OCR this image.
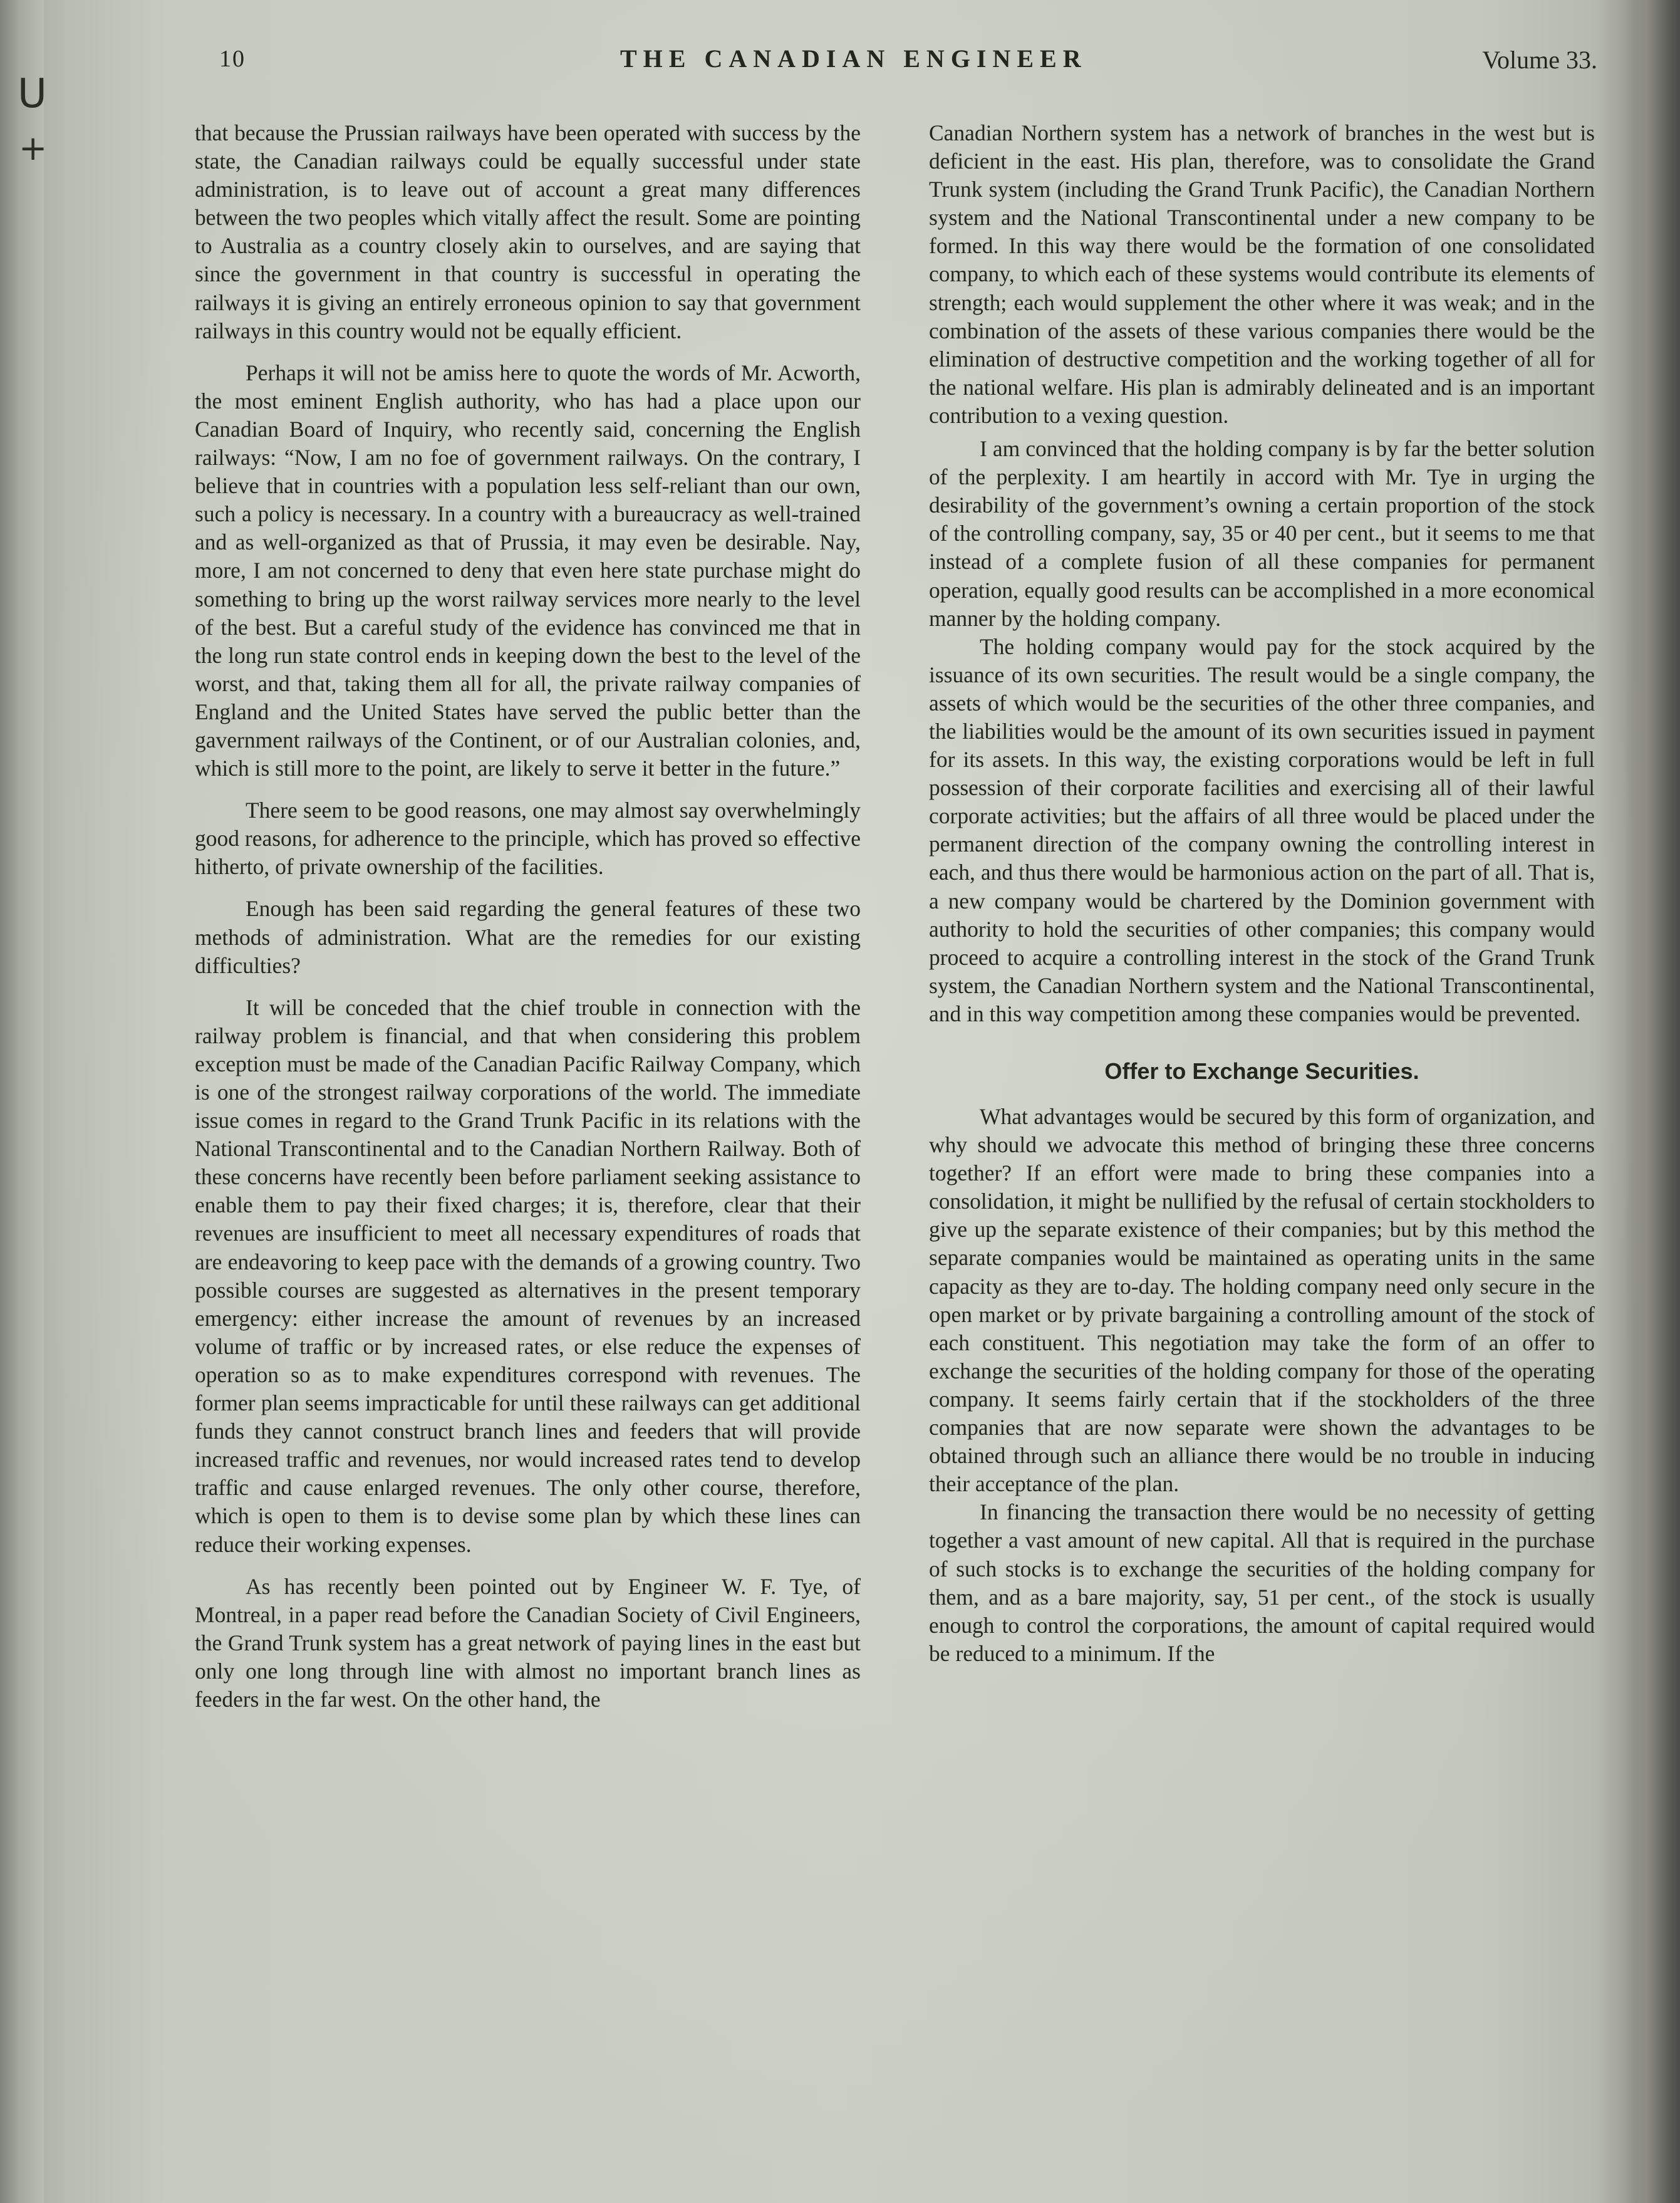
U
+
10	THE CANADIAN ENGINEER	Volume 33.

that because the Prussian railways have been operated with success by the state, the Canadian railways could be equally successful under state administration, is to leave out of account a great many differences between the two peoples which vitally affect the result. Some are pointing to Australia as a country closely akin to ourselves, and are saying that since the government in that country is successful in operating the railways it is giving an entirely erroneous opinion to say that government railways in this country would not be equally efficient.

Perhaps it will not be amiss here to quote the words of Mr. Acworth, the most eminent English authority, who has had a place upon our Canadian Board of Inquiry, who recently said, concerning the English railways: “Now, I am no foe of government railways. On the contrary, I believe that in countries with a population less self-reliant than our own, such a policy is necessary. In a country with a bureaucracy as well-trained and as well-organized as that of Prussia, it may even be desirable. Nay, more, I am not concerned to deny that even here state purchase might do something to bring up the worst railway services more nearly to the level of the best. But a careful study of the evidence has convinced me that in the long run state control ends in keeping down the best to the level of the worst, and that, taking them all for all, the private railway companies of England and the United States have served the public better than the gavernment railways of the Continent, or of our Australian colonies, and, which is still more to the point, are likely to serve it better in the future.”

There seem to be good reasons, one may almost say overwhelmingly good reasons, for adherence to the principle, which has proved so effective hitherto, of private ownership of the facilities.

Enough has been said regarding the general features of these two methods of administration. What are the remedies for our existing difficulties?

It will be conceded that the chief trouble in connection with the railway problem is financial, and that when considering this problem exception must be made of the Canadian Pacific Railway Company, which is one of the strongest railway corporations of the world. The immediate issue comes in regard to the Grand Trunk Pacific in its relations with the National Transcontinental and to the Canadian Northern Railway. Both of these concerns have recently been before parliament seeking assistance to enable them to pay their fixed charges; it is, therefore, clear that their revenues are insufficient to meet all necessary expenditures of roads that are endeavoring to keep pace with the demands of a growing country. Two possible courses are suggested as alternatives in the present temporary emergency: either increase the amount of revenues by an increased volume of traffic or by increased rates, or else reduce the expenses of operation so as to make expenditures correspond with revenues. The former plan seems impracticable for until these railways can get additional funds they cannot construct branch lines and feeders that will provide increased traffic and revenues, nor would increased rates tend to develop traffic and cause enlarged revenues. The only other course, therefore, which is open to them is to devise some plan by which these lines can reduce their working expenses.

As has recently been pointed out by Engineer W. F. Tye, of Montreal, in a paper read before the Canadian Society of Civil Engineers, the Grand Trunk system has a great network of paying lines in the east but only one long through line with almost no important branch lines as feeders in the far west. On the other hand, the

Canadian Northern system has a network of branches in the west but is deficient in the east. His plan, therefore, was to consolidate the Grand Trunk system (including the Grand Trunk Pacific), the Canadian Northern system and the National Transcontinental under a new company to be formed. In this way there would be the formation of one consolidated company, to which each of these systems would contribute its elements of strength; each would supplement the other where it was weak; and in the combination of the assets of these various companies there would be the elimination of destructive competition and the working together of all for the national welfare. His plan is admirably delineated and is an important contribution to a vexing question.

I am convinced that the holding company is by far the better solution of the perplexity. I am heartily in accord with Mr. Tye in urging the desirability of the government’s owning a certain proportion of the stock of the controlling company, say, 35 or 40 per cent., but it seems to me that instead of a complete fusion of all these companies for permanent operation, equally good results can be accomplished in a more economical manner by the holding company.

The holding company would pay for the stock acquired by the issuance of its own securities. The result would be a single company, the assets of which would be the securities of the other three companies, and the liabilities would be the amount of its own securities issued in payment for its assets. In this way, the existing corporations would be left in full possession of their corporate facilities and exercising all of their lawful corporate activities; but the affairs of all three would be placed under the permanent direction of the company owning the controlling interest in each, and thus there would be harmonious action on the part of all. That is, a new company would be chartered by the Dominion government with authority to hold the securities of other companies; this company would proceed to acquire a controlling interest in the stock of the Grand Trunk system, the Canadian Northern system and the National Transcontinental, and in this way competition among these companies would be prevented.

Offer to Exchange Securities.

What advantages would be secured by this form of organization, and why should we advocate this method of bringing these three concerns together? If an effort were made to bring these companies into a consolidation, it might be nullified by the refusal of certain stockholders to give up the separate existence of their companies; but by this method the separate companies would be maintained as operating units in the same capacity as they are to-day. The holding company need only secure in the open market or by private bargaining a controlling amount of the stock of each constituent. This negotiation may take the form of an offer to exchange the securities of the holding company for those of the operating company. It seems fairly certain that if the stockholders of the three companies that are now separate were shown the advantages to be obtained through such an alliance there would be no trouble in inducing their acceptance of the plan.

In financing the transaction there would be no necessity of getting together a vast amount of new capital. All that is required in the purchase of such stocks is to exchange the securities of the holding company for them, and as a bare majority, say, 51 per cent., of the stock is usually enough to control the corporations, the amount of capital required would be reduced to a minimum. If the
